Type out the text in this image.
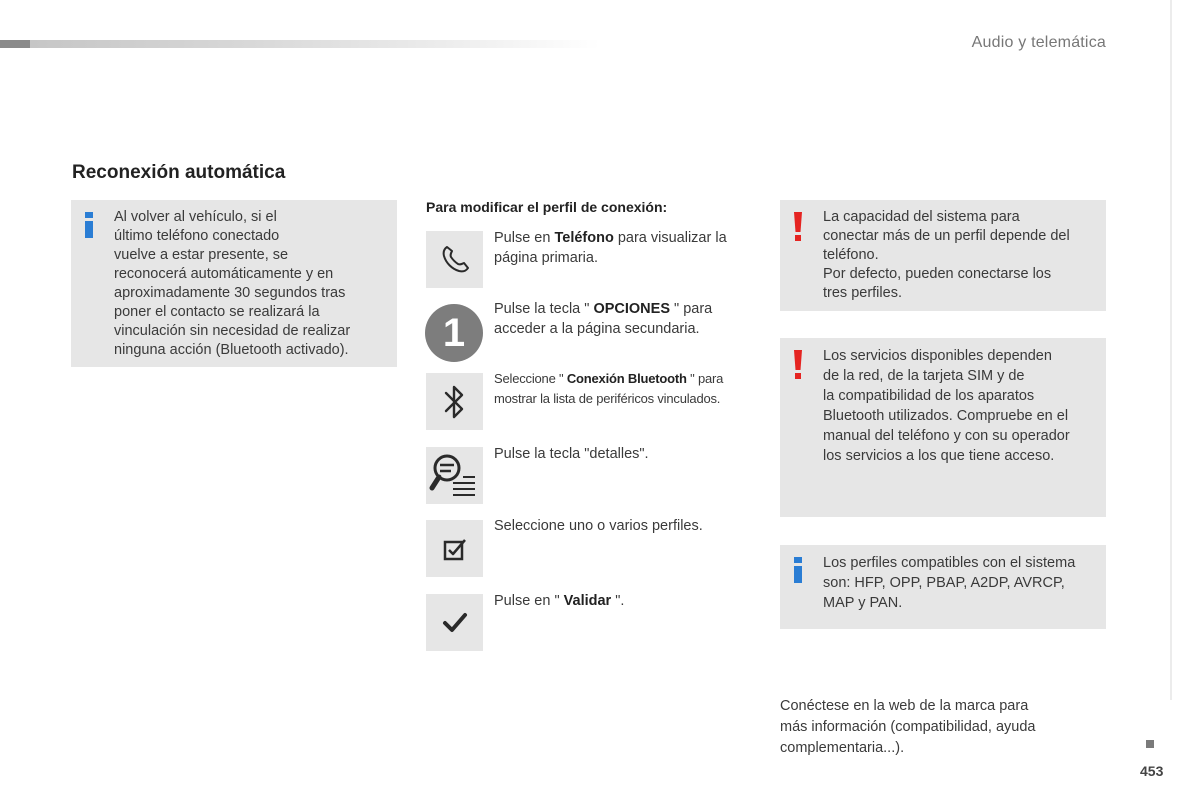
Audio y telemática
Reconexión automática
Al volver al vehículo, si el
último teléfono conectado
vuelve a estar presente, se
reconocerá automáticamente y en
aproximadamente 30 segundos tras
poner el contacto se realizará la
vinculación sin necesidad de realizar
ninguna acción (Bluetooth activado).
Para modificar el perfil de conexión:
Pulse en Teléfono para visualizar la
página primaria.
1
Pulse la tecla " OPCIONES " para
acceder a la página secundaria.
Seleccione " Conexión Bluetooth " para
mostrar la lista de periféricos vinculados.
Pulse la tecla "detalles".
Seleccione uno o varios perfiles.
Pulse en " Validar ".
La capacidad del sistema para
conectar más de un perfil depende del
teléfono.
Por defecto, pueden conectarse los
tres perfiles.
Los servicios disponibles dependen
de la red, de la tarjeta SIM y de
la compatibilidad de los aparatos
Bluetooth utilizados. Compruebe en el
manual del teléfono y con su operador
los servicios a los que tiene acceso.
Los perfiles compatibles con el sistema
son: HFP, OPP, PBAP, A2DP, AVRCP,
MAP y PAN.
Conéctese en la web de la marca para
más información (compatibilidad, ayuda
complementaria...).
453
